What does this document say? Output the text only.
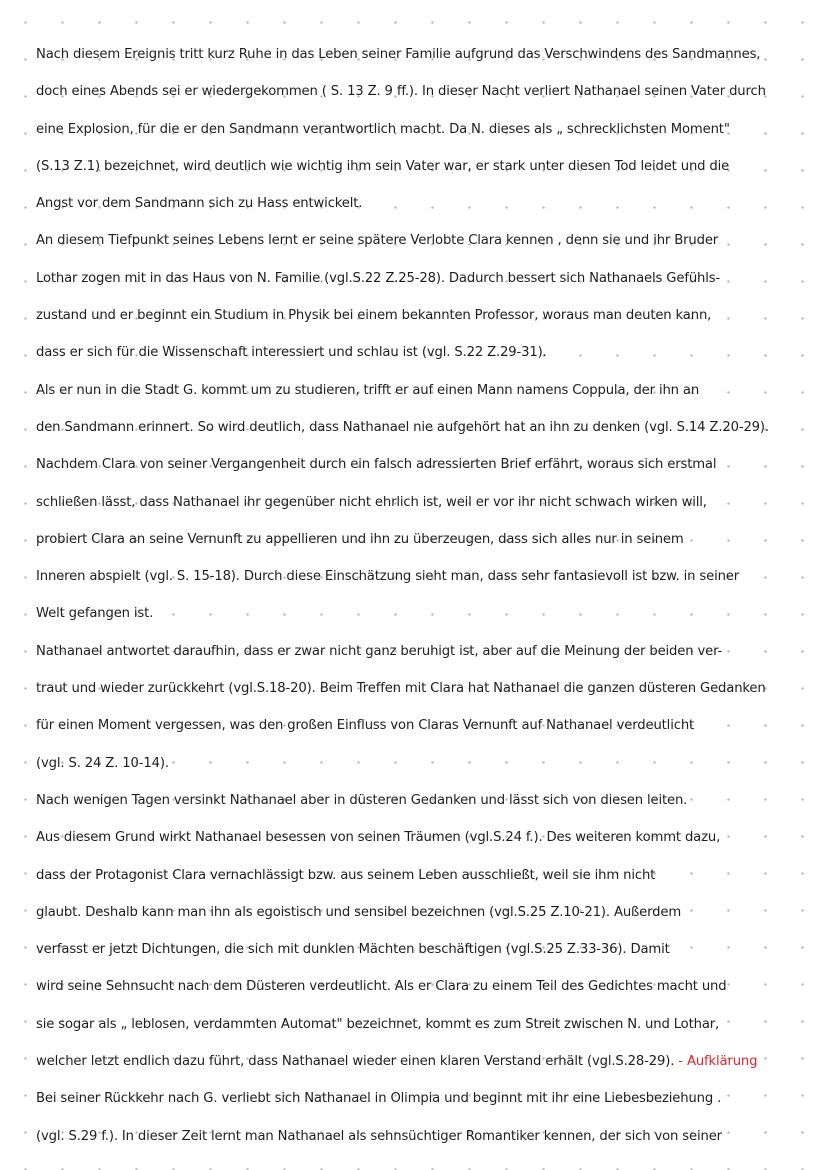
Nach diesem Ereignis tritt kurz Ruhe in das Leben seiner Familie aufgrund das Verschwindens des Sandmannes,
doch eines Abends sei er wiedergekommen ( S. 13 Z. 9 ff.). In dieser Nacht verliert Nathanael seinen Vater durch
eine Explosion, für die er den Sandmann verantwortlich macht. Da N. dieses als „ schrecklichsten Moment"
(S.13 Z.1) bezeichnet, wird deutlich wie wichtig ihm sein Vater war, er stark unter diesen Tod leidet und die
Angst vor dem Sandmann sich zu Hass entwickelt.
An diesem Tiefpunkt seines Lebens lernt er seine spätere Verlobte Clara kennen , denn sie und ihr Bruder
Lothar zogen mit in das Haus von N. Familie (vgl.S.22 Z.25-28). Dadurch bessert sich Nathanaels Gefühls-
zustand und er beginnt ein Studium in Physik bei einem bekannten Professor, woraus man deuten kann,
dass er sich für die Wissenschaft interessiert und schlau ist (vgl. S.22 Z.29-31).
Als er nun in die Stadt G. kommt um zu studieren, trifft er auf einen Mann namens Coppula, der ihn an
den Sandmann erinnert. So wird deutlich, dass Nathanael nie aufgehört hat an ihn zu denken (vgl. S.14 Z.20-29).
Nachdem Clara von seiner Vergangenheit durch ein falsch adressierten Brief erfährt, woraus sich erstmal
schließen lässt, dass Nathanael ihr gegenüber nicht ehrlich ist, weil er vor ihr nicht schwach wirken will,
probiert Clara an seine Vernunft zu appellieren und ihn zu überzeugen, dass sich alles nur in seinem
Inneren abspielt (vgl. S. 15-18). Durch diese Einschätzung sieht man, dass sehr fantasievoll ist bzw. in seiner
Welt gefangen ist.
Nathanael antwortet daraufhin, dass er zwar nicht ganz beruhigt ist, aber auf die Meinung der beiden ver-
traut und wieder zurückkehrt (vgl.S.18-20). Beim Treffen mit Clara hat Nathanael die ganzen düsteren Gedanken
für einen Moment vergessen, was den großen Einfluss von Claras Vernunft auf Nathanael verdeutlicht
(vgl. S. 24 Z. 10-14).
Nach wenigen Tagen versinkt Nathanael aber in düsteren Gedanken und lässt sich von diesen leiten.
Aus diesem Grund wirkt Nathanael besessen von seinen Träumen (vgl.S.24 f.). Des weiteren kommt dazu,
dass der Protagonist Clara vernachlässigt bzw. aus seinem Leben ausschließt, weil sie ihm nicht
glaubt. Deshalb kann man ihn als egoistisch und sensibel bezeichnen (vgl.S.25 Z.10-21). Außerdem
verfasst er jetzt Dichtungen, die sich mit dunklen Mächten beschäftigen (vgl.S.25 Z.33-36). Damit
wird seine Sehnsucht nach dem Düsteren verdeutlicht. Als er Clara zu einem Teil des Gedichtes macht und
sie sogar als „ leblosen, verdammten Automat" bezeichnet, kommt es zum Streit zwischen N. und Lothar,
welcher letzt endlich dazu führt, dass Nathanael wieder einen klaren Verstand erhält (vgl.S.28-29). - Aufklärung
Bei seiner Rückkehr nach G. verliebt sich Nathanael in Olimpia und beginnt mit ihr eine Liebesbeziehung .
(vgl. S.29 f.). In dieser Zeit lernt man Nathanael als sehnsüchtiger Romantiker kennen, der sich von seiner
